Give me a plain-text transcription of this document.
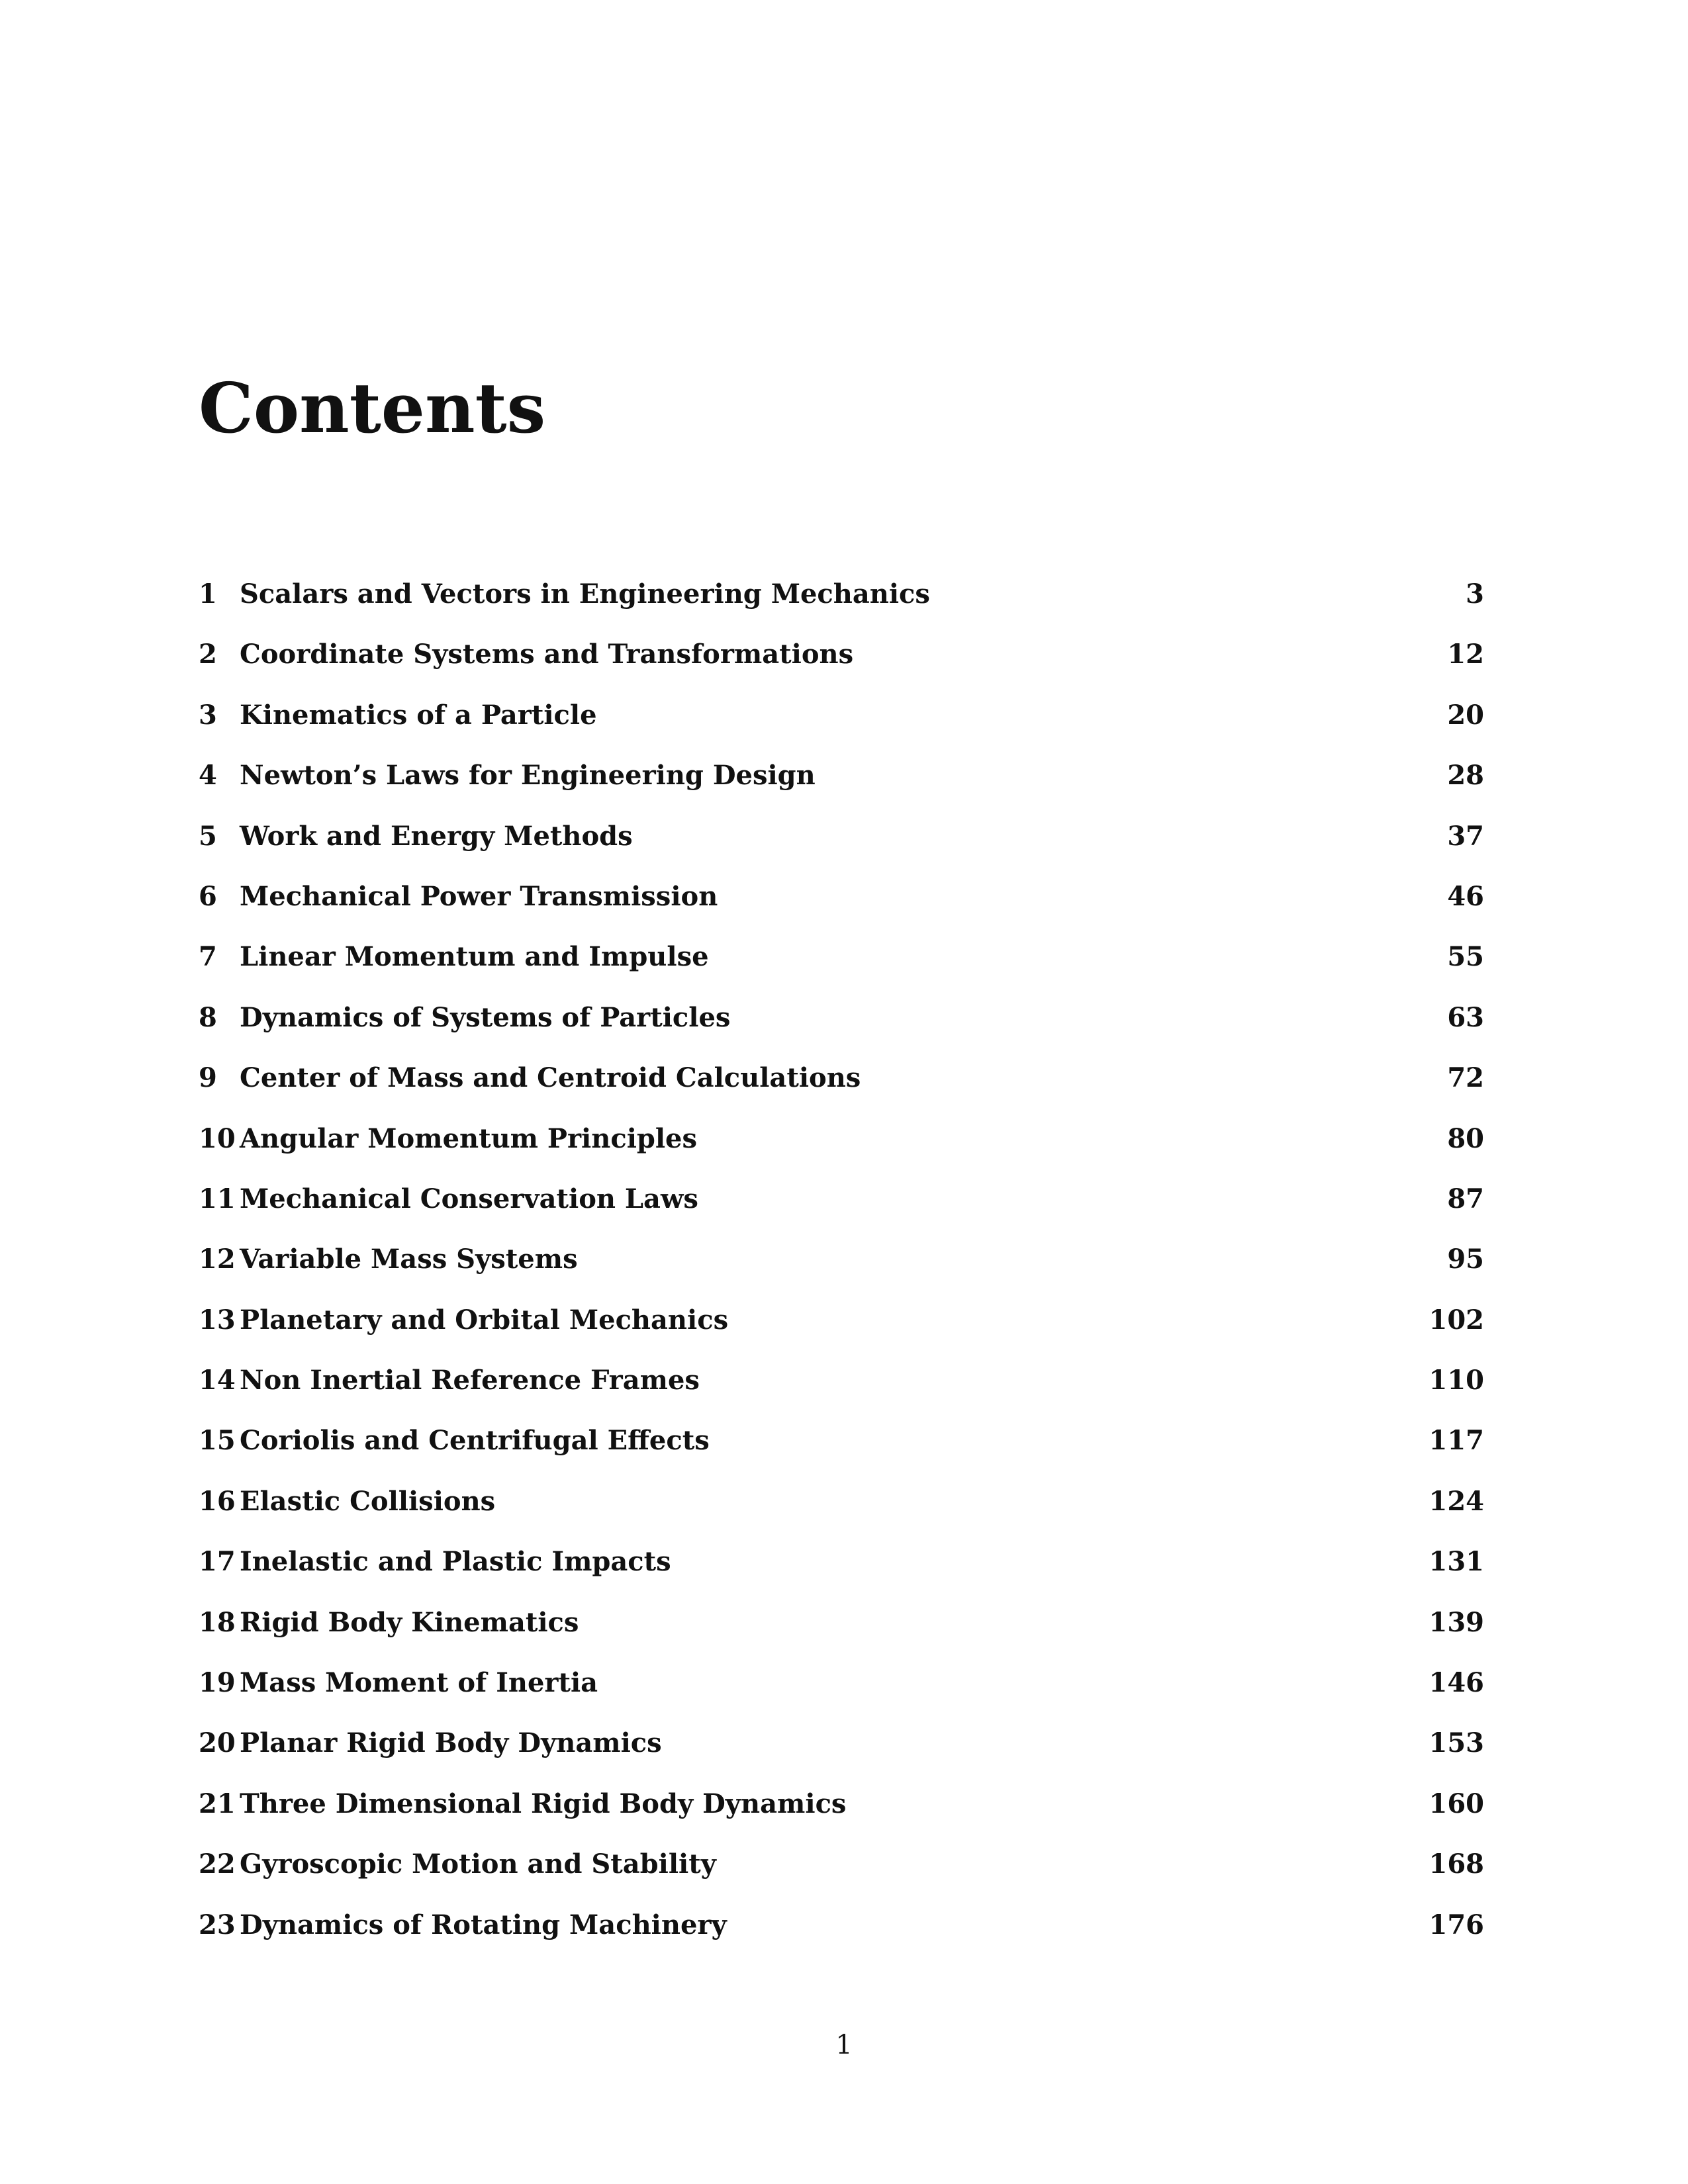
Contents
1 Scalars and Vectors in Engineering Mechanics	3
2 Coordinate Systems and Transformations	12
3 Kinematics of a Particle	20
4 Newton’s Laws for Engineering Design	28
5 Work and Energy Methods	37
6 Mechanical Power Transmission	46
7 Linear Momentum and Impulse	55
8 Dynamics of Systems of Particles	63
9 Center of Mass and Centroid Calculations	72
10 Angular Momentum Principles	80
11 Mechanical Conservation Laws	87
12 Variable Mass Systems	95
13 Planetary and Orbital Mechanics	102
14 Non Inertial Reference Frames	110
15 Coriolis and Centrifugal Effects	117
16 Elastic Collisions	124
17 Inelastic and Plastic Impacts	131
18 Rigid Body Kinematics	139
19 Mass Moment of Inertia	146
20 Planar Rigid Body Dynamics	153
21 Three Dimensional Rigid Body Dynamics	160
22 Gyroscopic Motion and Stability	168
23 Dynamics of Rotating Machinery	176
1
